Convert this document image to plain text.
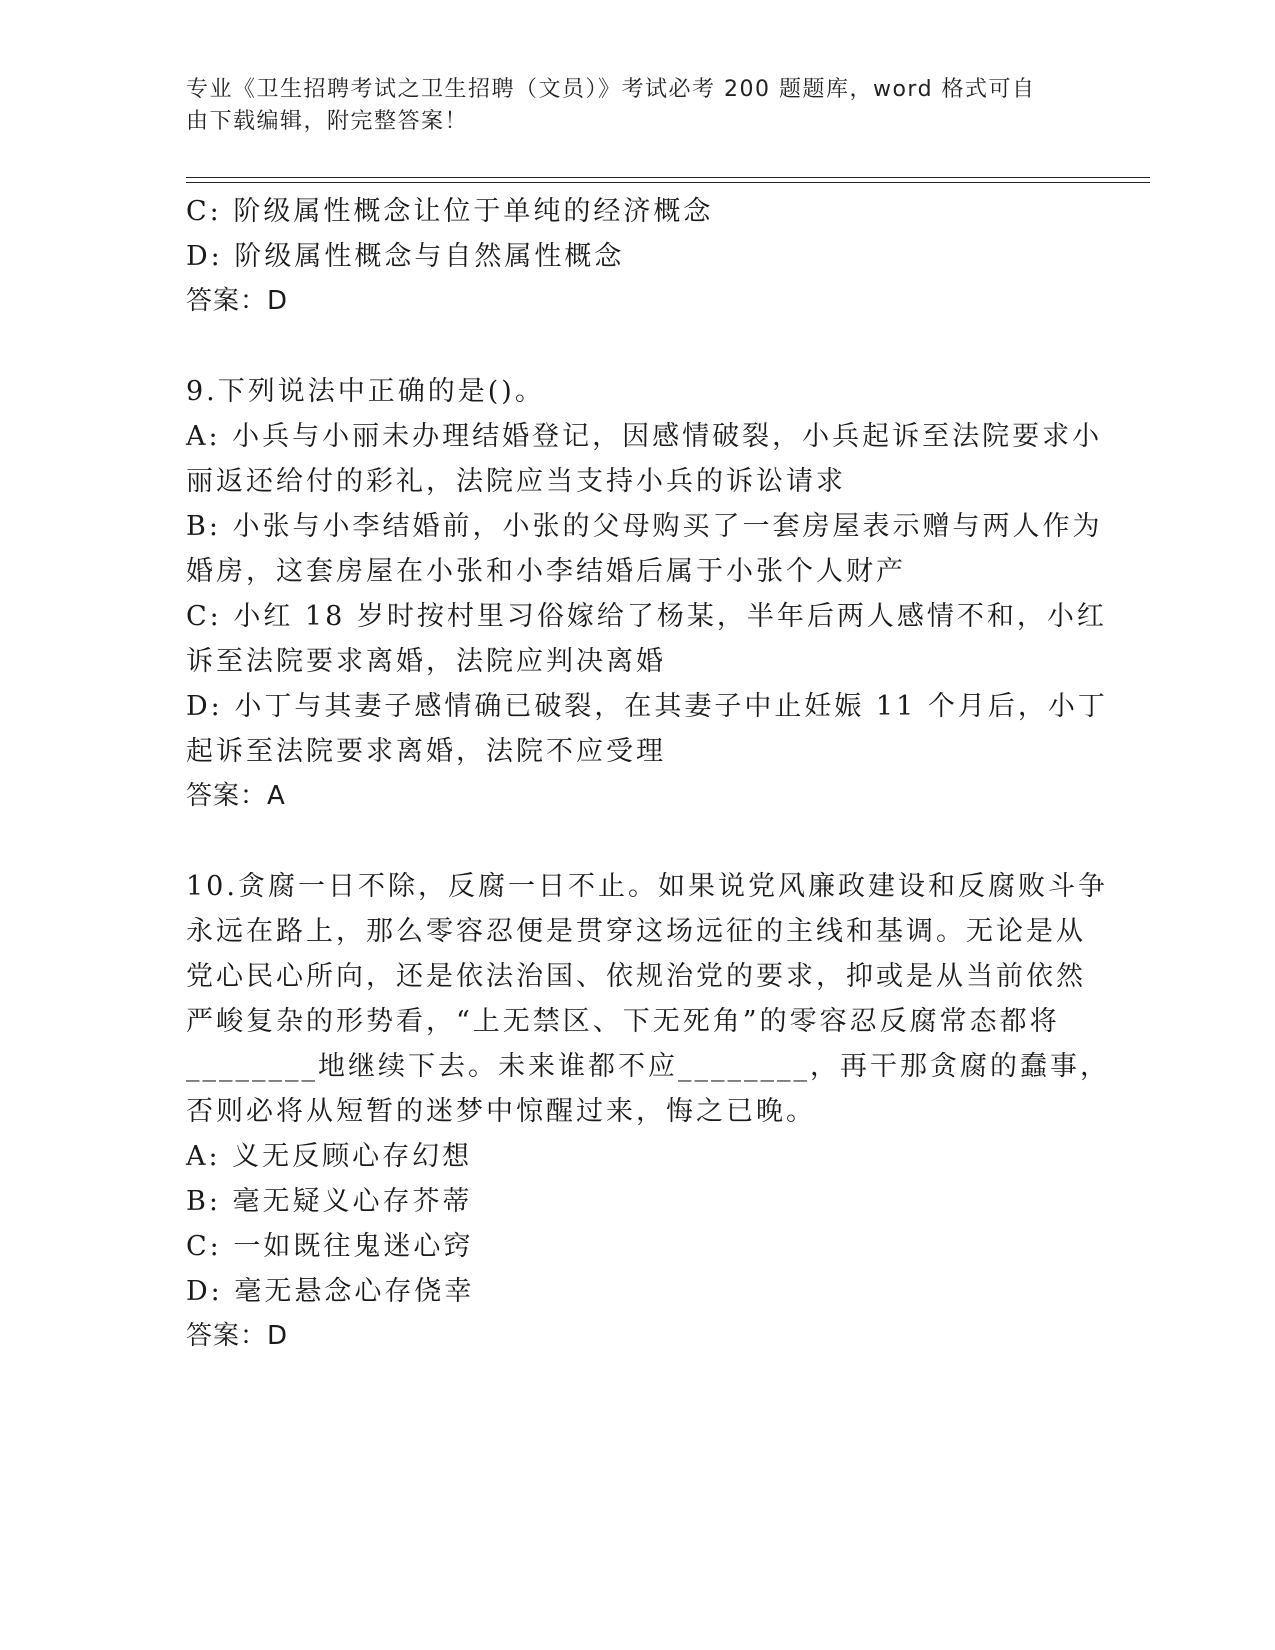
专业《卫生招聘考试之卫生招聘（文员）》考试必考 200 题题库，word 格式可自
由下载编辑，附完整答案！
C: 阶级属性概念让位于单纯的经济概念
D: 阶级属性概念与自然属性概念
答案：D
9.下列说法中正确的是()。
A: 小兵与小丽未办理结婚登记，因感情破裂，小兵起诉至法院要求小
丽返还给付的彩礼，法院应当支持小兵的诉讼请求
B: 小张与小李结婚前，小张的父母购买了一套房屋表示赠与两人作为
婚房，这套房屋在小张和小李结婚后属于小张个人财产
C: 小红 18 岁时按村里习俗嫁给了杨某，半年后两人感情不和，小红
诉至法院要求离婚，法院应判决离婚
D: 小丁与其妻子感情确已破裂，在其妻子中止妊娠 11 个月后，小丁
起诉至法院要求离婚，法院不应受理
答案：A
10.贪腐一日不除，反腐一日不止。如果说党风廉政建设和反腐败斗争
永远在路上，那么零容忍便是贯穿这场远征的主线和基调。无论是从
党心民心所向，还是依法治国、依规治党的要求，抑或是从当前依然
严峻复杂的形势看，“上无禁区、下无死角”的零容忍反腐常态都将
________地继续下去。未来谁都不应________，再干那贪腐的蠢事，
否则必将从短暂的迷梦中惊醒过来，悔之已晚。
A: 义无反顾心存幻想
B: 毫无疑义心存芥蒂
C: 一如既往鬼迷心窍
D: 毫无悬念心存侥幸
答案：D
